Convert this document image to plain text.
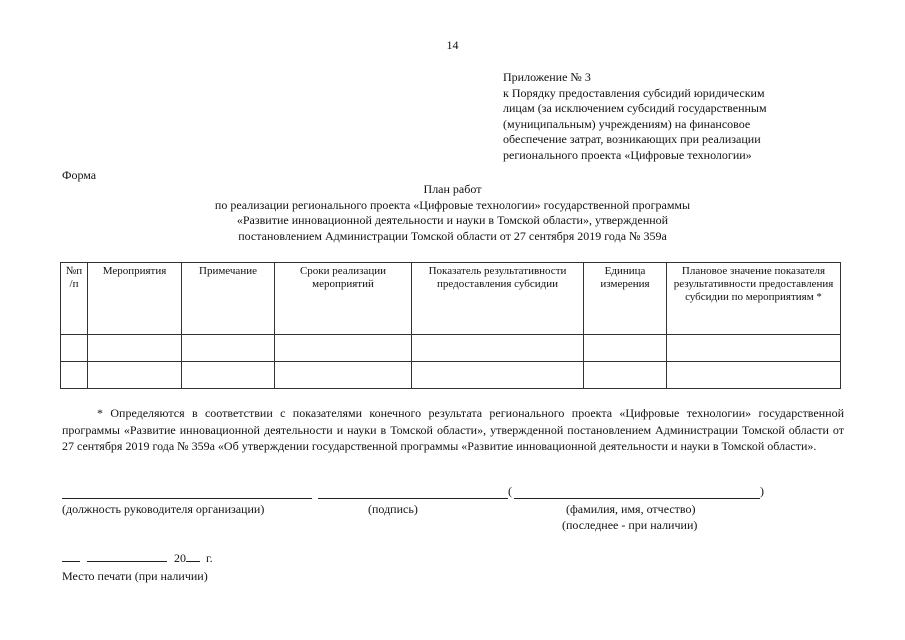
14
Приложение № 3
к Порядку предоставления субсидий юридическим
лицам (за исключением субсидий государственным
(муниципальным) учреждениям) на финансовое
обеспечение затрат, возникающих при реализации
регионального проекта «Цифровые технологии»
Форма
План работ
по реализации регионального проекта «Цифровые технологии» государственной программы
«Развитие инновационной деятельности и науки в Томской области», утвержденной
постановлением Администрации Томской области от 27 сентября 2019 года № 359а
№п /п	Мероприятия	Примечание	Сроки реализации мероприятий	Показатель результативности предоставления субсидии	Единица измерения	Плановое значение показателя результативности предоставления субсидии по мероприятиям *

* Определяются в соответствии с показателями конечного результата регионального проекта «Цифровые технологии» государственной программы «Развитие инновационной деятельности и науки в Томской области», утвержденной постановлением Администрации Томской области от 27 сентября 2019 года № 359а «Об утверждении государственной программы «Развитие инновационной деятельности и науки в Томской области».
(	)
(должность руководителя организации)	(подпись)	(фамилия, имя, отчество)
(последнее - при наличии)
20 г.
Место печати (при наличии)
